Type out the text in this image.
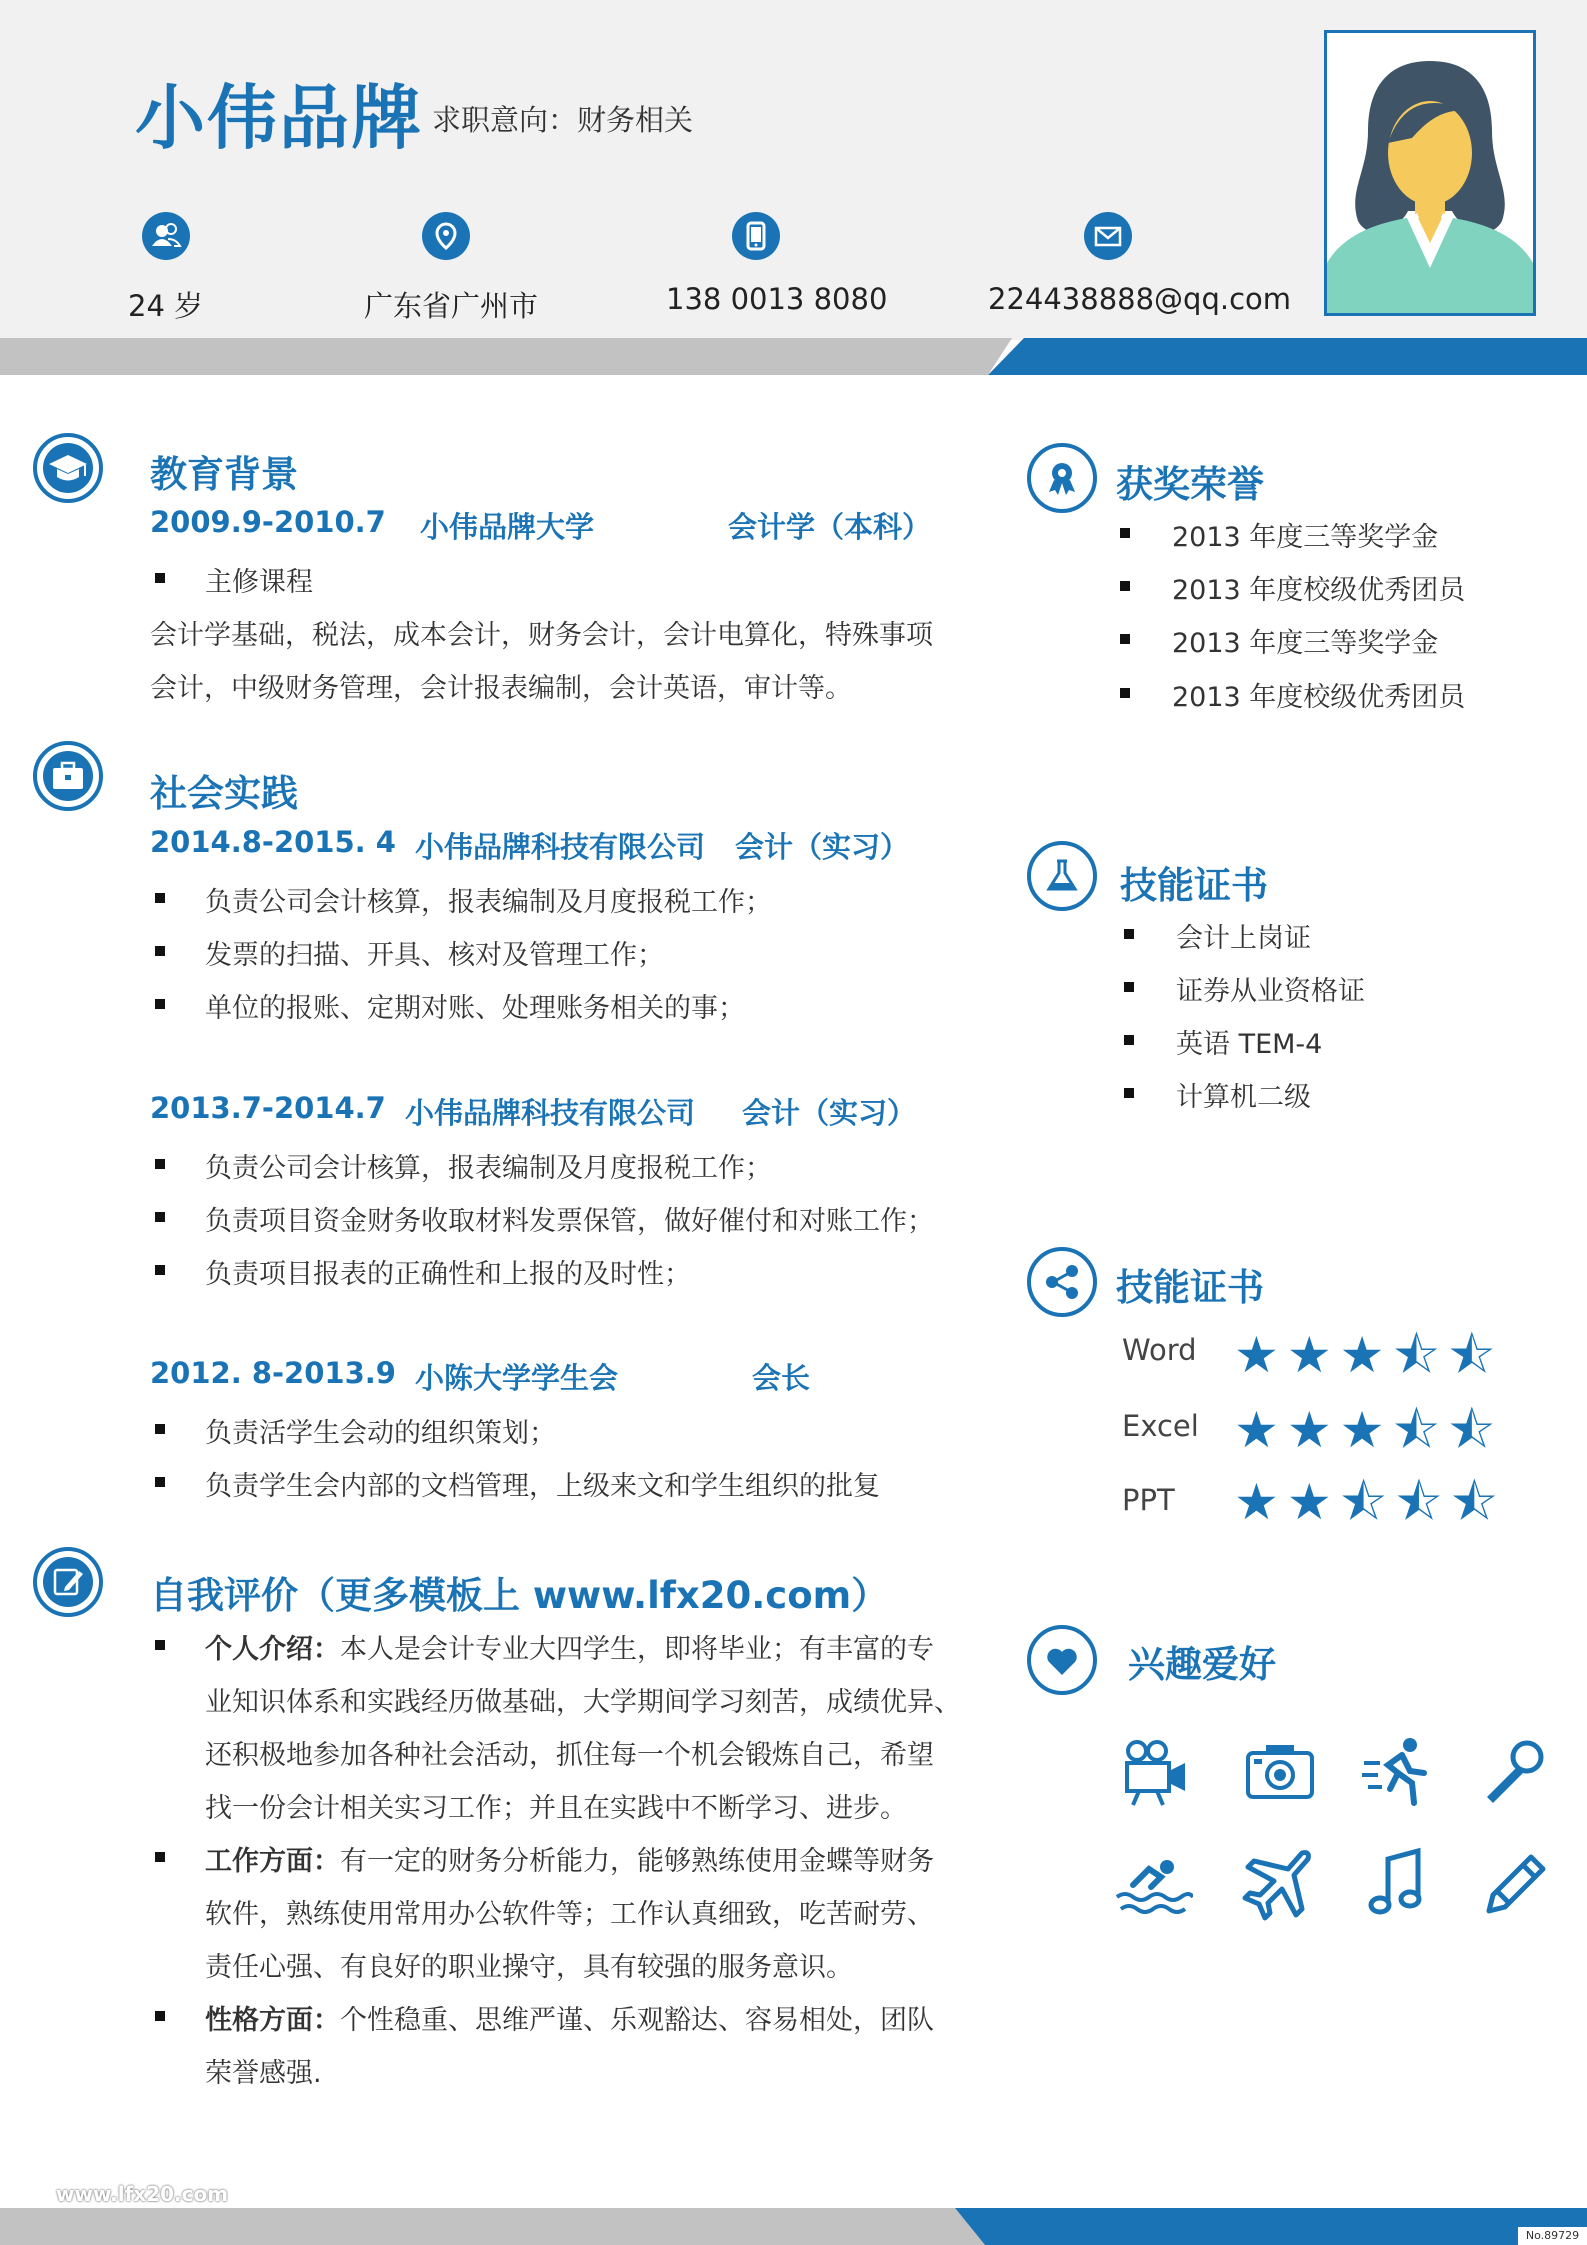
小伟品牌 求职意向：财务相关
24 岁	广东省广州市	138 0013 8080	224438888@qq.com
教育背景
2009.9-2010.7 小伟品牌大学	会计学（本科）
主修课程
会计学基础，税法，成本会计，财务会计，会计电算化，特殊事项
会计，中级财务管理，会计报表编制，会计英语，审计等。
社会实践
2014.8-2015. 4 小伟品牌科技有限公司 会计（实习）
负责公司会计核算，报表编制及月度报税工作；
发票的扫描、开具、核对及管理工作；
单位的报账、定期对账、处理账务相关的事；
2013.7-2014.7 小伟品牌科技有限公司 会计（实习）
负责公司会计核算，报表编制及月度报税工作；
负责项目资金财务收取材料发票保管，做好催付和对账工作；
负责项目报表的正确性和上报的及时性；
2012. 8-2013.9 小陈大学学生会	会长
负责活学生会动的组织策划；
负责学生会内部的文档管理，上级来文和学生组织的批复
自我评价（更多模板上 www.lfx20.com）
个人介绍：本人是会计专业大四学生，即将毕业；有丰富的专
业知识体系和实践经历做基础，大学期间学习刻苦，成绩优异、
还积极地参加各种社会活动，抓住每一个机会锻炼自己，希望
找一份会计相关实习工作；并且在实践中不断学习、进步。
工作方面：有一定的财务分析能力，能够熟练使用金蝶等财务
软件，熟练使用常用办公软件等；工作认真细致，吃苦耐劳、
责任心强、有良好的职业操守，具有较强的服务意识。
性格方面：个性稳重、思维严谨、乐观豁达、容易相处，团队
荣誉感强.
获奖荣誉
2013 年度三等奖学金
2013 年度校级优秀团员
2013 年度三等奖学金
2013 年度校级优秀团员
技能证书
会计上岗证
证券从业资格证
英语 TEM-4
计算机二级
技能证书
Word ★★★⯪⯪
Excel ★★★⯪⯪
PPT ★★⯪⯪⯪
兴趣爱好
www.lfx20.com
No.89729
